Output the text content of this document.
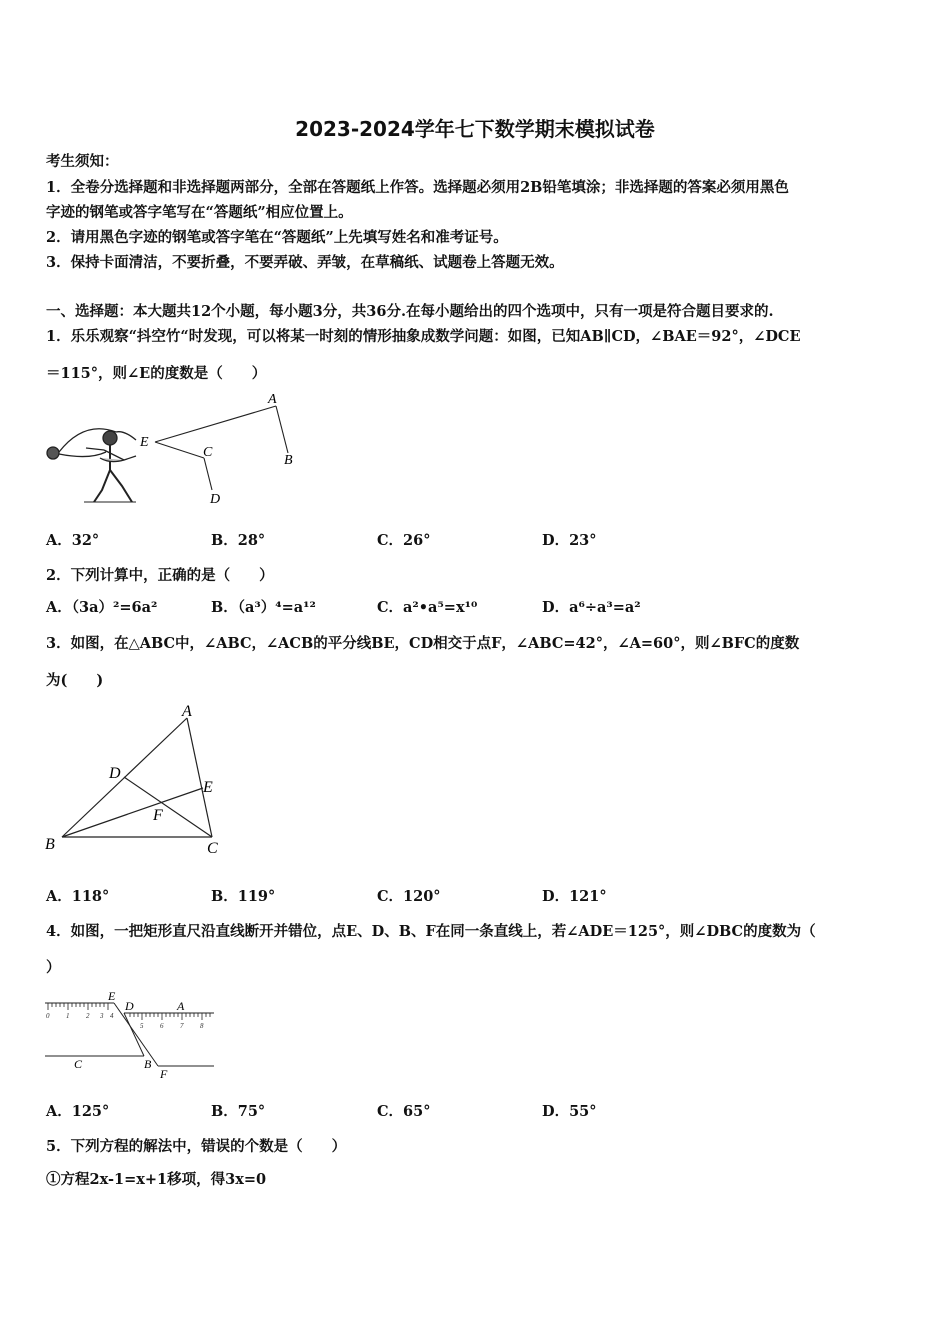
2023-2024学年七下数学期末模拟试卷
考生须知：
1．全卷分选择题和非选择题两部分，全部在答题纸上作答。选择题必须用2B铅笔填涂；非选择题的答案必须用黑色
字迹的钢笔或答字笔写在“答题纸”相应位置上。
2．请用黑色字迹的钢笔或答字笔在“答题纸”上先填写姓名和准考证号。
3．保持卡面清洁，不要折叠，不要弄破、弄皱，在草稿纸、试题卷上答题无效。
一、选择题：本大题共12个小题，每小题3分，共36分.在每小题给出的四个选项中，只有一项是符合题目要求的.
1．乐乐观察“抖空竹“时发现，可以将某一时刻的情形抽象成数学问题：如图，已知AB∥CD，∠BAE＝92°，∠DCE
＝115°，则∠E的度数是（　　）
A
B
C
D
E
A．32°	B．28°	C．26°	D．23°
2．下列计算中，正确的是（　　）
A．（3a）²=6a²	B．（a³）⁴=a¹²	C．a²•a⁵=x¹⁰	D．a⁶÷a³=a²
3．如图，在△ABC中，∠ABC，∠ACB的平分线BE，CD相交于点F，∠ABC=42°，∠A=60°，则∠BFC的度数
为(　　)
A
B	C
D
E
F
A．118°	B．119°	C．120°	D．121°
4．如图，一把矩形直尺沿直线断开并错位，点E、D、B、F在同一条直线上，若∠ADE＝125°，则∠DBC的度数为（
）
0 1 2 3 4
5 6 7 8
E
D	A
C	B
F
A．125°	B．75°	C．65°	D．55°
5．下列方程的解法中，错误的个数是（　　）
①方程2x-1=x+1移项，得3x=0
